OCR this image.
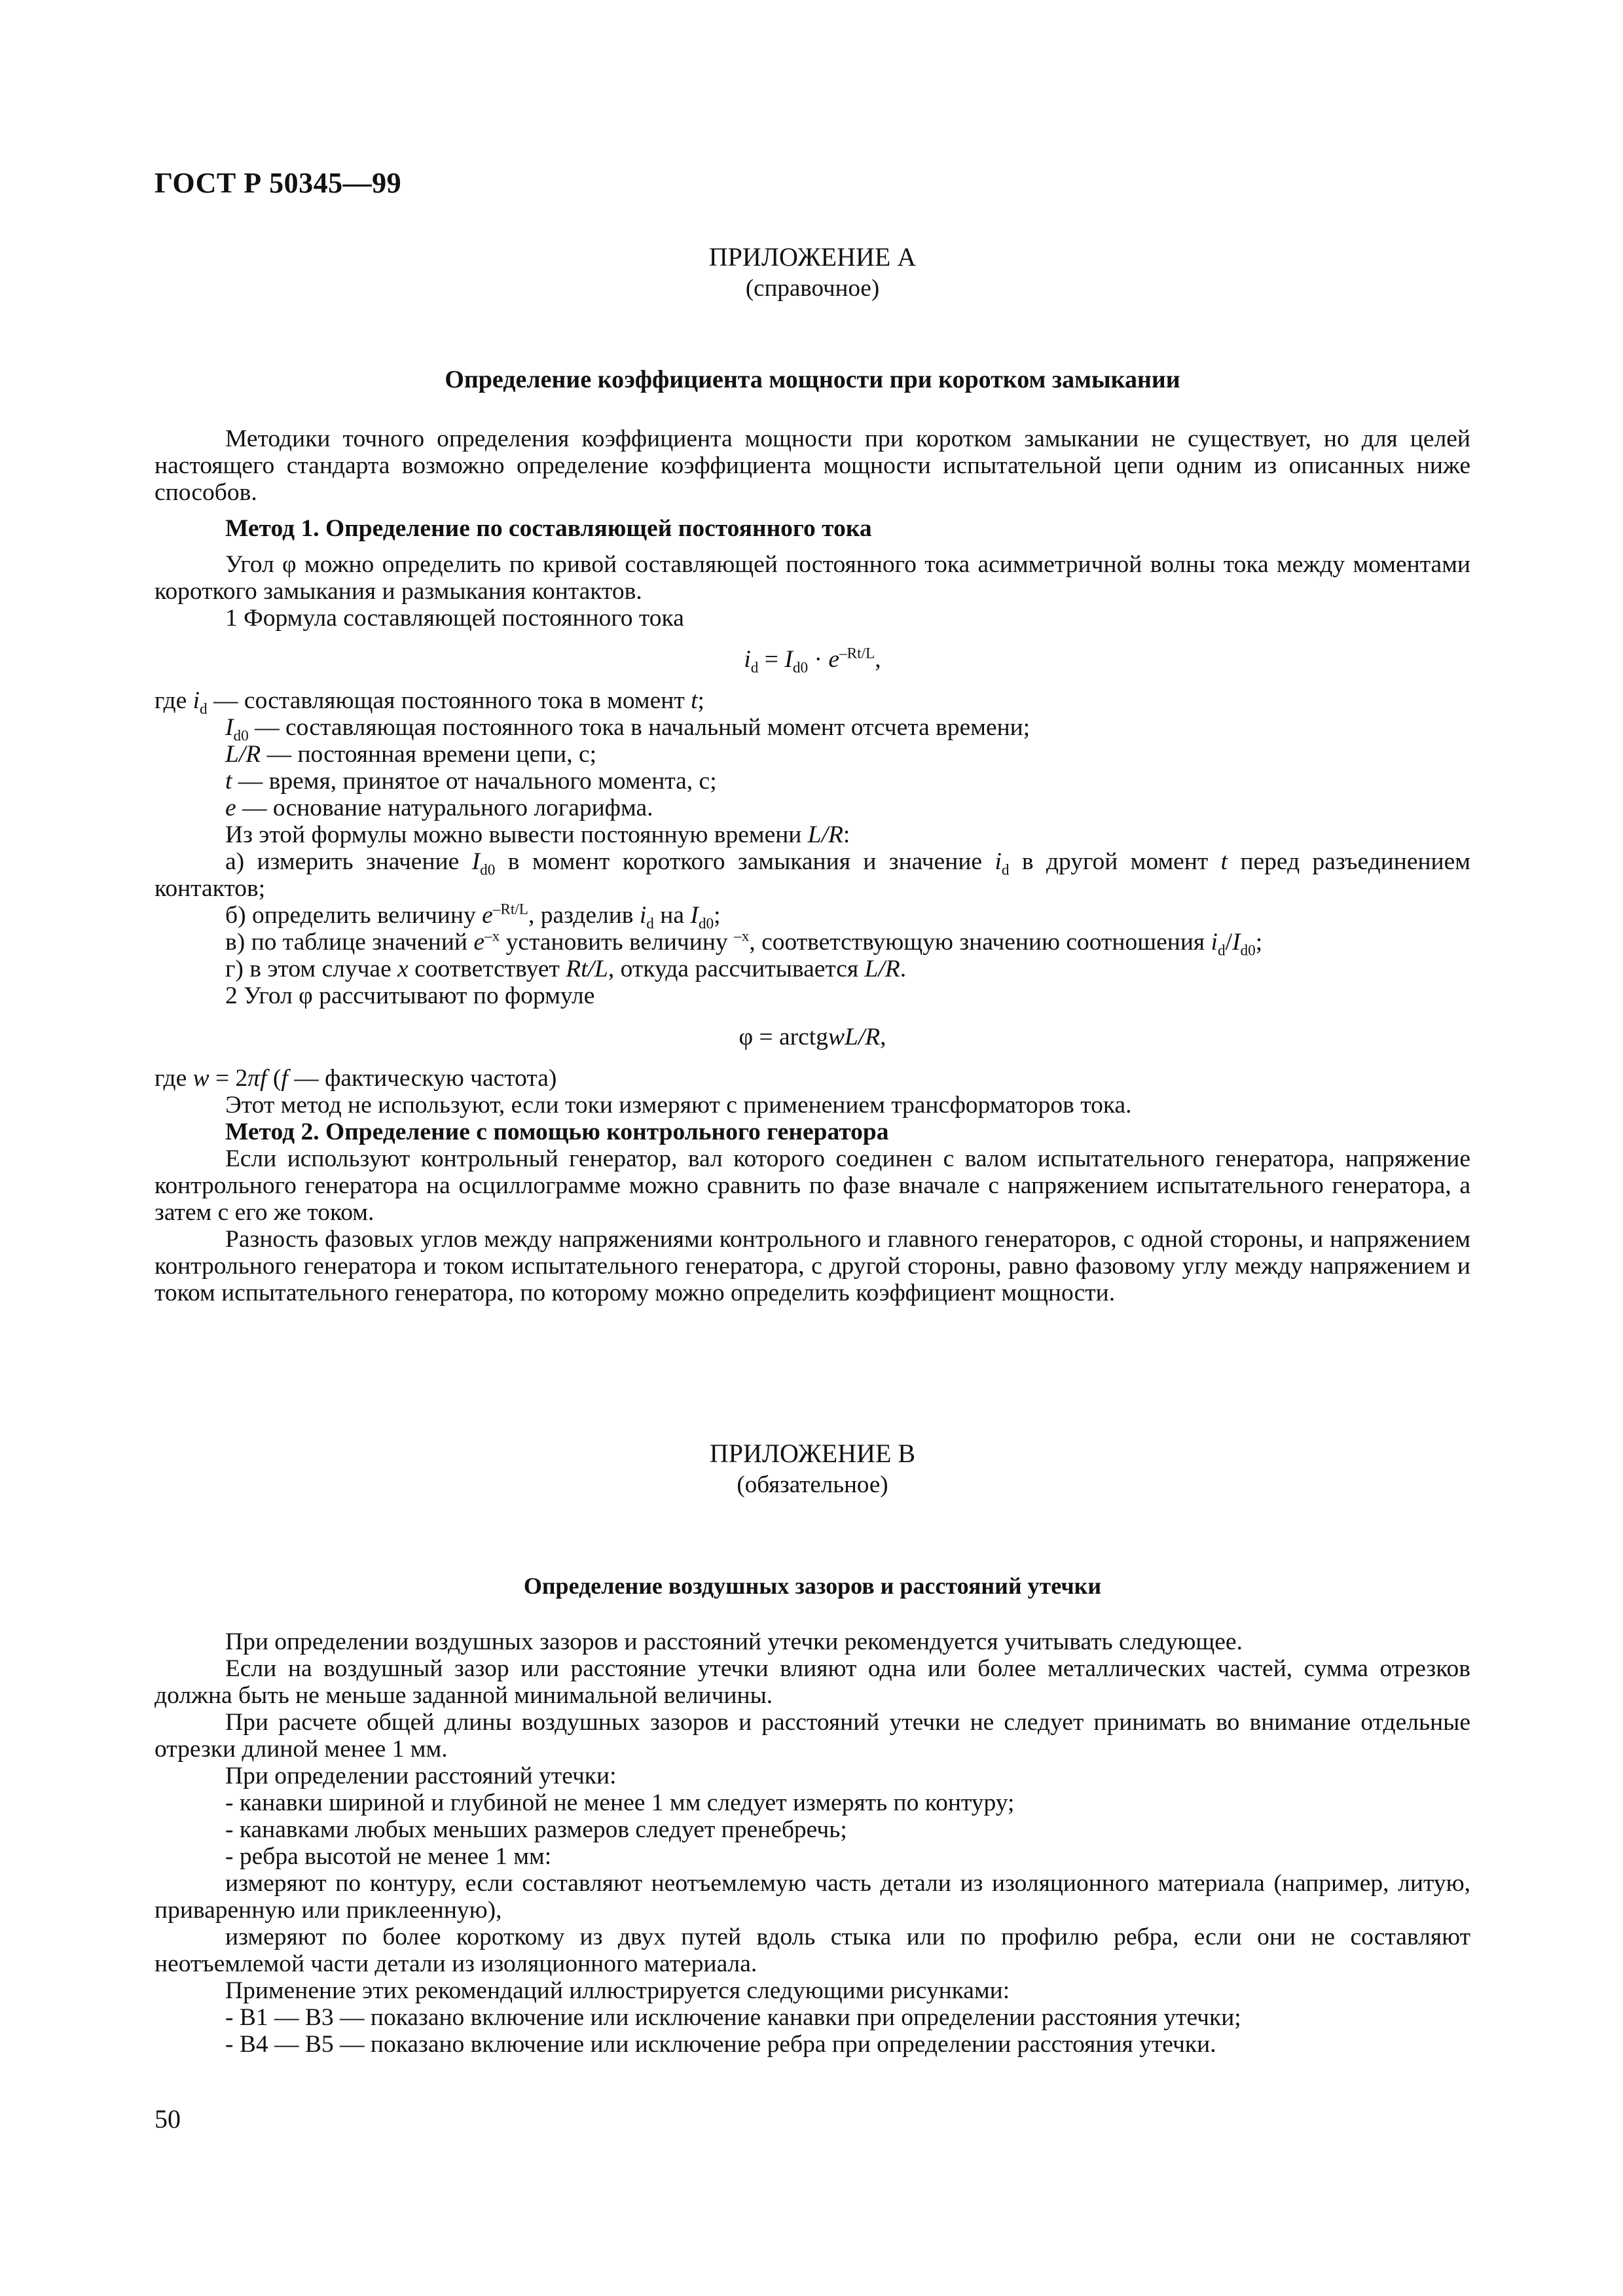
ГОСТ Р 50345—99
ПРИЛОЖЕНИЕ А
(справочное)
Определение коэффициента мощности при коротком замыкании

Методики точного определения коэффициента мощности при коротком замыкании не существует, но для целей настоящего стандарта возможно определение коэффициента мощности испытательной цепи одним из описанных ниже способов.

Метод 1. Определение по составляющей постоянного тока

Угол φ можно определить по кривой составляющей постоянного тока асимметричной волны тока между моментами короткого замыкания и размыкания контактов.

1 Формула составляющей постоянного тока

$i_d = I_{d0} \cdot e^{-Rt/L}$,

где $i_d$ — составляющая постоянного тока в момент t;

$I_{d0}$ — составляющая постоянного тока в начальный момент отсчета времени;

L/R — постоянная времени цепи, с;

t — время, принятое от начального момента, с;

e — основание натурального логарифма.

Из этой формулы можно вывести постоянную времени L/R:

а) измерить значение $I_{d0}$ в момент короткого замыкания и значение $i_d$ в другой момент t перед разъединением контактов;

б) определить величину $e^{-Rt/L}$, разделив $i_d$ на $I_{d0}$;

в) по таблице значений $e^{-x}$ установить величину $^{-x}$, соответствующую значению соотношения $i_d/I_{d0}$;

г) в этом случае x соответствует Rt/L, откуда рассчитывается L/R.

2 Угол φ рассчитывают по формуле

φ = arctgwL/R,

где w = 2πf (f — фактическую частота)

Этот метод не используют, если токи измеряют с применением трансформаторов тока.

Метод 2. Определение с помощью контрольного генератора

Если используют контрольный генератор, вал которого соединен с валом испытательного генератора, напряжение контрольного генератора на осциллограмме можно сравнить по фазе вначале с напряжением испытательного генератора, а затем с его же током.

Разность фазовых углов между напряжениями контрольного и главного генераторов, с одной стороны, и напряжением контрольного генератора и током испытательного генератора, с другой стороны, равно фазовому углу между напряжением и током испытательного генератора, по которому можно определить коэффициент мощности.

ПРИЛОЖЕНИЕ В
(обязательное)
Определение воздушных зазоров и расстояний утечки

При определении воздушных зазоров и расстояний утечки рекомендуется учитывать следующее.

Если на воздушный зазор или расстояние утечки влияют одна или более металлических частей, сумма отрезков должна быть не меньше заданной минимальной величины.

При расчете общей длины воздушных зазоров и расстояний утечки не следует принимать во внимание отдельные отрезки длиной менее 1 мм.

При определении расстояний утечки:

- канавки шириной и глубиной не менее 1 мм следует измерять по контуру;

- канавками любых меньших размеров следует пренебречь;

- ребра высотой не менее 1 мм:

измеряют по контуру, если составляют неотъемлемую часть детали из изоляционного материала (например, литую, приваренную или приклеенную),

измеряют по более короткому из двух путей вдоль стыка или по профилю ребра, если они не составляют неотъемлемой части детали из изоляционного материала.

Применение этих рекомендаций иллюстрируется следующими рисунками:

- В1 — В3 — показано включение или исключение канавки при определении расстояния утечки;

- В4 — В5 — показано включение или исключение ребра при определении расстояния утечки.

50
